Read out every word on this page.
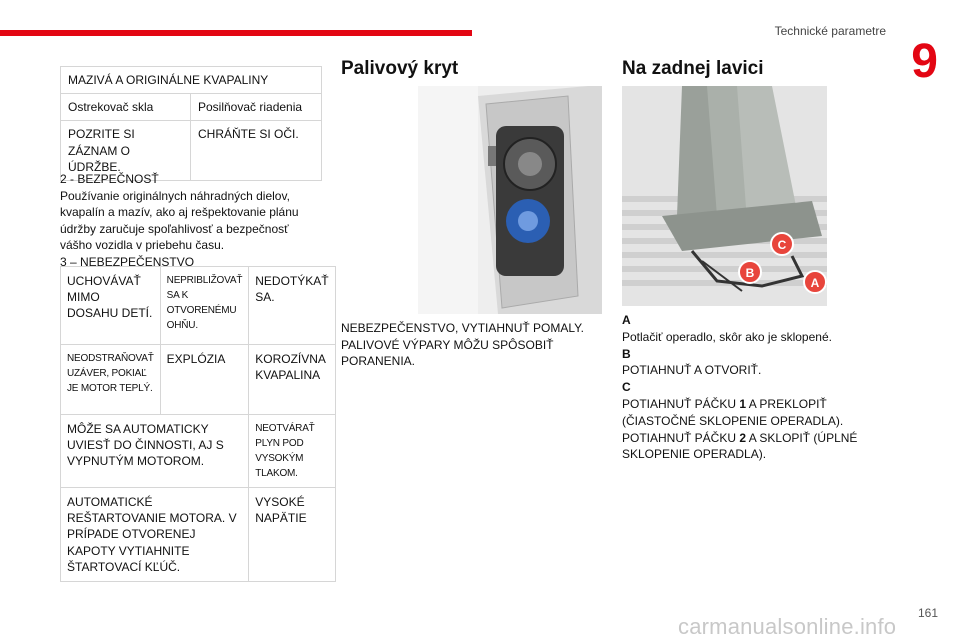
Technické parametre
9
MAZIVÁ A ORIGINÁLNE KVAPALINY	
Ostrekovač skla	Posilňovač riadenia
POZRITE SI ZÁZNAM O ÚDRŽBE.	CHRÁŇTE SI OČI.
2 - BEZPEČNOSŤ
Používanie originálnych náhradných dielov, kvapalín a mazív, ako aj rešpektovanie plánu údržby zaručuje spoľahlivosť a bezpečnosť vášho vozidla v priebehu času.
3 – NEBEZPEČENSTVO
UCHOVÁVAŤ MIMO DOSAHU DETÍ.	NEPRIBLIŽOVAŤ SA K OTVORENÉMU OHŇU.	NEDOTÝKAŤ SA.
NEODSTRAŇOVAŤ UZÁVER, POKIAĽ JE MOTOR TEPLÝ.	EXPLÓZIA	KOROZÍVNA KVAPALINA
MÔŽE SA AUTOMATICKY UVIESŤ DO ČINNOSTI, AJ S VYPNUTÝM MOTOROM.		NEOTVÁRAŤ PLYN POD VYSOKÝM TLAKOM.
AUTOMATICKÉ REŠTARTOVANIE MOTORA. V PRÍPADE OTVORENEJ KAPOTY VYTIAHNITE ŠTARTOVACÍ KĽÚČ.		VYSOKÉ NAPÄTIE
Palivový kryt
NEBEZPEČENSTVO, VYTIAHNUŤ POMALY. PALIVOVÉ VÝPARY MÔŽU SPÔSOBIŤ PORANENIA.
Na zadnej lavici
C
B
A
A
Potlačiť operadlo, skôr ako je sklopené.
B
POTIAHNUŤ A OTVORIŤ.
C
POTIAHNUŤ PÁČKU 1 A PREKLOPIŤ (ČIASTOČNÉ SKLOPENIE OPERADLA).
POTIAHNUŤ PÁČKU 2 A SKLOPIŤ (ÚPLNÉ SKLOPENIE OPERADLA).
carmanualsonline.info
161
